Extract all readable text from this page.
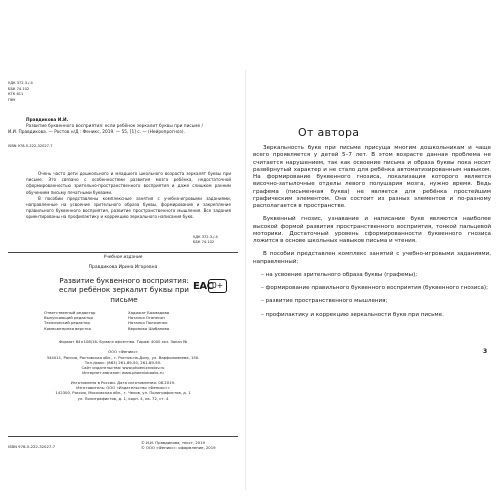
УДК 372.3./.4
ББК 74.102
КТК 611
П69
Правдикова И.И.
Развитие буквенного восприятия: если ребёнок зеркалит буквы при письме /
И.И. Правдикова. — Ростов н/Д : Феникс, 2019. — 55, [1] с. — (Нейропрогноз).
ISBN 978-5-222-32027-7

Очень часто дети дошкольного и младшего школьного возраста зеркалят буквы при письме. Это связано с особенностями развития мозга ребёнка, недостаточной сформированностью зрительно-пространственного восприятия и даже слишком ранним обучением письму печатными буквами.

В пособии представлены комплексные занятия с учебно-игровыми заданиями, направленные на усвоение зрительного образа буквы, формирование и закрепление правильного буквенного восприятия, развитие пространственного мышления. Все задания ориентированы на профилактику и коррекцию зеркального написания букв.

УДК 372.3./.4
ББК 74.102
Учебное издание
Правдикова Ирина Игоревна
Развитие буквенного восприятия:
если ребёнок зеркалит буквы при письме
ЕАС
0+
Ответственный редактор
Выпускающий редактор
Технический редактор
Компьютерная верстка
Хадижат Бахмадова
Наталья Оганесян
Наталья Поляченко
Вероника Шибанова
Формат 84×108/16. Бумага офсетная. Тираж 4000 экз. Заказ №
ООО «Феникс»
344011, Россия, Ростовская обл., г. Ростов-на-Дону, ул. Варфоломеева, 150.
Тел./факс: (863) 261-89-50, 261-89-59.
Сайт издательства: www.phoenixrostov.ru
Интернет-магазин: www.phoenixbooks.ru
Изготовлено в России. Дата изготовления: 08.2019.
Изготовитель: ООО «Издательство «Феникс»»
142300, Россия, Московская обл., г. Чехов, ул. Полиграфистов, д. 1
ул. Полиграфистов, д. 1, корп. 4, кв. 72, ст. 4
ISBN 978-5-222-32027-7
© И.И. Правдикова, текст, 2019
© ООО «Феникс»: оформление, 2019
От автора

Зеркальность букв при письме присуща многим дошкольникам и чаще всего проявляется у детей 5–7 лет. В этом возрасте данная проблема не считается нарушением, так как освоение письма и образа буквы пока носит развёрнутый характер и не стало для ребёнка автоматизированным навыком. На формирование буквенного гнозиса, локализация которого является височно-затылочные отделы левого полушария мозга, нужно время. Ведь графема (письменная буква) не является для ребёнка простейшим графическим элементом. Она состоит из разных элементов и по-разному располагается в пространстве.

Буквенный гнозис, узнавание и написание букв являются наиболее высокой формой развития пространственного восприятия, тонкой пальцевой моторики. Достаточный уровень сформированности буквенного гнозиса ложится в основе школьных навыков письма и чтения.

В пособии представлен комплекс занятий с учебно-игровыми заданиями, направленный:

– на усвоение зрительного образа буквы (графемы);

– формирование правильного буквенного восприятия (буквенного гнозиса);

– развитие пространственного мышления;

– профилактику и коррекцию зеркальности букв при письме.

3
